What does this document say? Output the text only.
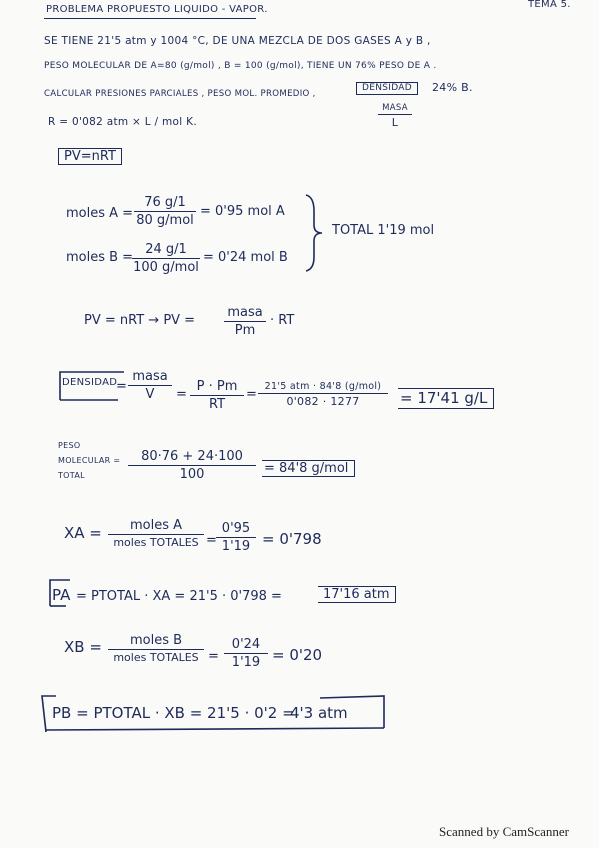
PROBLEMA PROPUESTO LIQUIDO - VAPOR.	TEMA 5.
SE TIENE 21'5 atm y 1004 °C, DE UNA MEZCLA DE DOS GASES A y B ,
PESO MOLECULAR DE A=80 (g/mol) , B = 100 (g/mol), TIENE UN 76% PESO DE A .
CALCULAR PRESIONES PARCIALES , PESO MOL. PROMEDIO ,
DENSIDAD	24% B.
MASA
L
R = 0'082 atm × L / mol K.
PV=nRT
moles A =
76 g/1
80 g/mol
= 0'95 mol A
moles B =
24 g/1
100 g/mol
= 0'24 mol B
TOTAL 1'19 mol
PV = nRT → PV =
masa
Pm
· RT
DENSIDAD
=
masa
V	= $\frac{P \cdot Pm}{RT}$ =
21'5 atm · 84'8 (g/mol)
0'082 · 1277	= 17'41 g/L
PESO
MOLECULAR =
TOTAL	$\frac{80\cdot 76 + 24\cdot 100}{100} = 84'8$ g/mol
XA =	moles A
moles TOTALES = $\frac{0'95}{1'19} = 0'798$
PA = PTOTAL · XA = 21'5 · 0'798 =	17'16 atm
XB =	moles B
moles TOTALES = $\frac{0'24}{1'19} = 0'20$
PB = PTOTAL · XB = 21'5 · 0'2 =
4'3 atm
Scanned by CamScanner
